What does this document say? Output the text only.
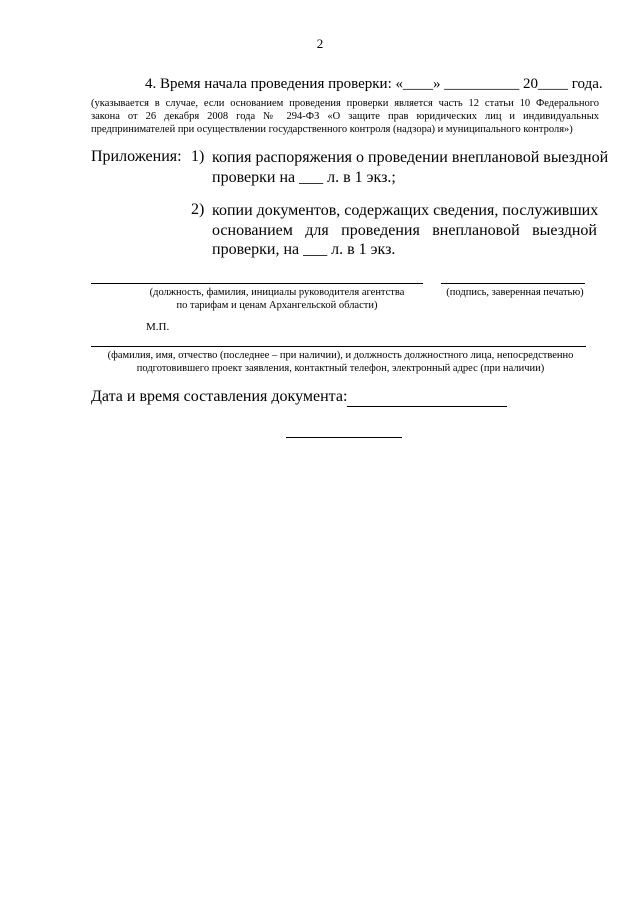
2
4. Время начала проведения проверки: «____» __________ 20____ года.
(указывается в случае, если основанием проведения проверки является часть 12 статьи 10 Федерального
закона от 26 декабря 2008 года № 294-ФЗ «О защите прав юридических лиц и индивидуальных
предпринимателей при осуществлении государственного контроля (надзора) и муниципального контроля»)
Приложения: 1) копия распоряжения о проведении внеплановой выездной
проверки на ___ л. в 1 экз.;
2) копии документов, содержащих сведения, послуживших
основанием для проведения внеплановой выездной
проверки, на ___ л. в 1 экз.
(должность, фамилия, инициалы руководителя агентства
по тарифам и ценам Архангельской области)
(подпись, заверенная печатью)
М.П.
(фамилия, имя, отчество (последнее – при наличии), и должность должностного лица, непосредственно
подготовившего проект заявления, контактный телефон, электронный адрес (при наличии)
Дата и время составления документа:
